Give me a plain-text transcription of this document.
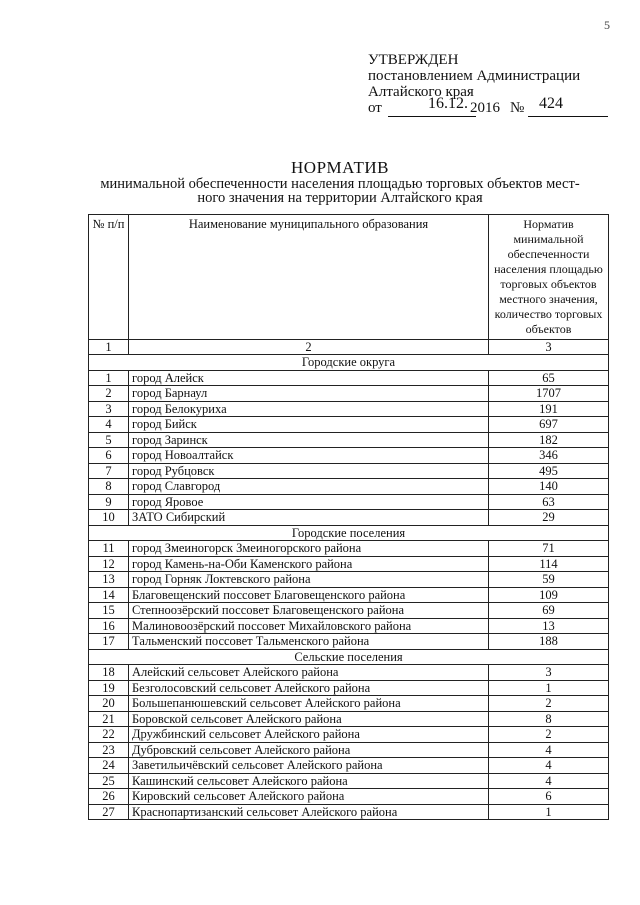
5
УТВЕРЖДЕН
постановлением Администрации
Алтайского края
от	16.12. 2016 № 424
НОРМАТИВ
минимальной обеспеченности населения площадью торговых объектов мест-
ного значения на территории Алтайского края
№ п/п	Наименование муниципального образования	Норматив минимальной обеспеченности населения площадью торговых объектов местного значения, количество торговых объектов
1	2	3
Городские округа		
1	город Алейск	65
2	город Барнаул	1707
3	город Белокуриха	191
4	город Бийск	697
5	город Заринск	182
6	город Новоалтайск	346
7	город Рубцовск	495
8	город Славгород	140
9	город Яровое	63
10	ЗАТО Сибирский	29
Городские поселения		
11	город Змеиногорск Змеиногорского района	71
12	город Камень-на-Оби Каменского района	114
13	город Горняк Локтевского района	59
14	Благовещенский поссовет Благовещенского района	109
15	Степноозёрский поссовет Благовещенского района	69
16	Малиновоозёрский поссовет Михайловского района	13
17	Тальменский поссовет Тальменского района	188
Сельские поселения		
18	Алейский сельсовет Алейского района	3
19	Безголосовский сельсовет Алейского района	1
20	Большепанюшевский сельсовет Алейского района	2
21	Боровской сельсовет Алейского района	8
22	Дружбинский сельсовет Алейского района	2
23	Дубровский сельсовет Алейского района	4
24	Заветильичёвский сельсовет Алейского района	4
25	Кашинский сельсовет Алейского района	4
26	Кировский сельсовет Алейского района	6
27	Краснопартизанский сельсовет Алейского района	1
